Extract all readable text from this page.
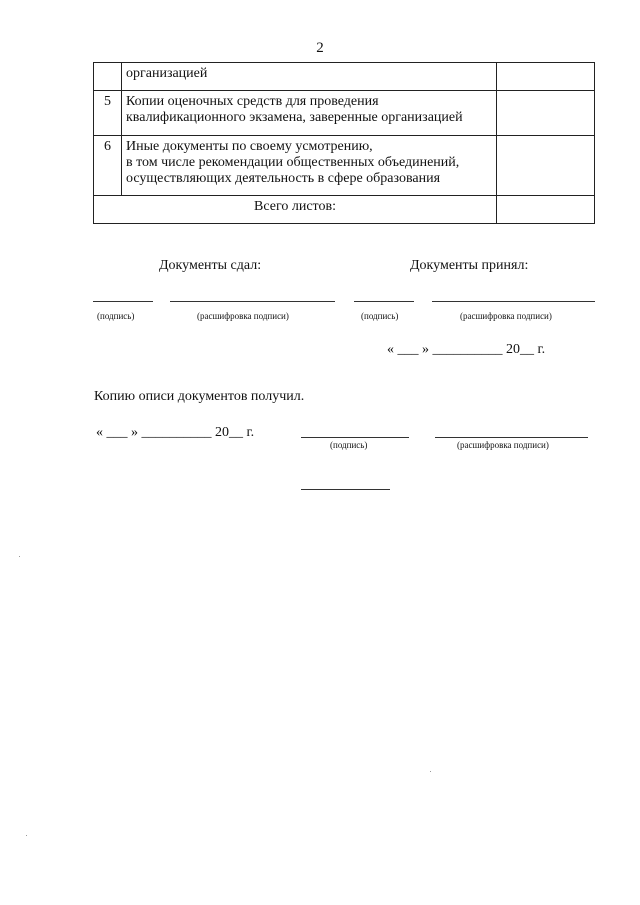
2

	организацией	

5	Копии оценочных средств для проведения
квалификационного экзамена, заверенные организацией	

6	Иные документы по своему усмотрению,
в том числе рекомендации общественных объединений,
осуществляющих деятельность в сфере образования	

Всего листов:		
Документы сдал:	Документы принял:
(подпись)	(расшифровка подписи)	(подпись)	(расшифровка подписи)
« ___ » __________ 20__ г.
Копию описи документов получил.
« ___ » __________ 20__ г.
(подпись)	(расшифровка подписи)
